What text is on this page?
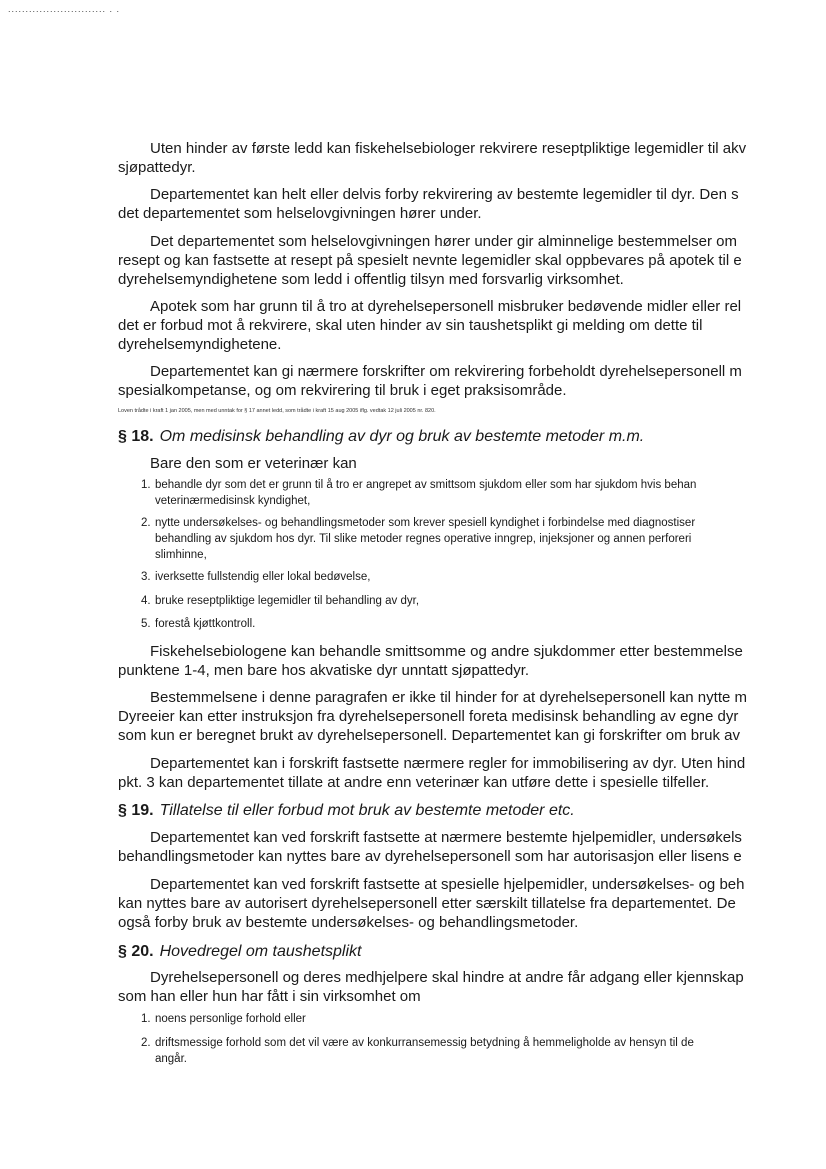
............................ . .
Uten hinder av første ledd kan fiskehelsebiologer rekvirere reseptpliktige legemidler til akv
sjøpattedyr.
Departementet kan helt eller delvis forby rekvirering av bestemte legemidler til dyr. Den s
det departementet som helselovgivningen hører under.
Det departementet som helselovgivningen hører under gir alminnelige bestemmelser om
resept og kan fastsette at resept på spesielt nevnte legemidler skal oppbevares på apotek til e
dyrehelsemyndighetene som ledd i offentlig tilsyn med forsvarlig virksomhet.
Apotek som har grunn til å tro at dyrehelsepersonell misbruker bedøvende midler eller rel
det er forbud mot å rekvirere, skal uten hinder av sin taushetsplikt gi melding om dette til
dyrehelsemyndighetene.
Departementet kan gi nærmere forskrifter om rekvirering forbeholdt dyrehelsepersonell m
spesialkompetanse, og om rekvirering til bruk i eget praksisområde.
Loven trådte i kraft 1 jan 2005, men med unntak for § 17 annet ledd, som trådte i kraft 15 aug 2005 iflg. vedtak 12 juli 2005 nr. 820.
§ 18. Om medisinsk behandling av dyr og bruk av bestemte metoder m.m.
Bare den som er veterinær kan
1. behandle dyr som det er grunn til å tro er angrepet av smittsom sjukdom eller som har sjukdom hvis behan
veterinærmedisinsk kyndighet,
2. nytte undersøkelses- og behandlingsmetoder som krever spesiell kyndighet i forbindelse med diagnostiser
behandling av sjukdom hos dyr. Til slike metoder regnes operative inngrep, injeksjoner og annen perforeri
slimhinne,
3. iverksette fullstendig eller lokal bedøvelse,
4. bruke reseptpliktige legemidler til behandling av dyr,
5. forestå kjøttkontroll.
Fiskehelsebiologene kan behandle smittsomme og andre sjukdommer etter bestemmelse
punktene 1-4, men bare hos akvatiske dyr unntatt sjøpattedyr.
Bestemmelsene i denne paragrafen er ikke til hinder for at dyrehelsepersonell kan nytte m
Dyreeier kan etter instruksjon fra dyrehelsepersonell foreta medisinsk behandling av egne dyr
som kun er beregnet brukt av dyrehelsepersonell. Departementet kan gi forskrifter om bruk av
Departementet kan i forskrift fastsette nærmere regler for immobilisering av dyr. Uten hind
pkt. 3 kan departementet tillate at andre enn veterinær kan utføre dette i spesielle tilfeller.
§ 19. Tillatelse til eller forbud mot bruk av bestemte metoder etc.
Departementet kan ved forskrift fastsette at nærmere bestemte hjelpemidler, undersøkels
behandlingsmetoder kan nyttes bare av dyrehelsepersonell som har autorisasjon eller lisens e
Departementet kan ved forskrift fastsette at spesielle hjelpemidler, undersøkelses- og beh
kan nyttes bare av autorisert dyrehelsepersonell etter særskilt tillatelse fra departementet. De
også forby bruk av bestemte undersøkelses- og behandlingsmetoder.
§ 20. Hovedregel om taushetsplikt
Dyrehelsepersonell og deres medhjelpere skal hindre at andre får adgang eller kjennskap
som han eller hun har fått i sin virksomhet om
1. noens personlige forhold eller
2. driftsmessige forhold som det vil være av konkurransemessig betydning å hemmeligholde av hensyn til de
angår.
